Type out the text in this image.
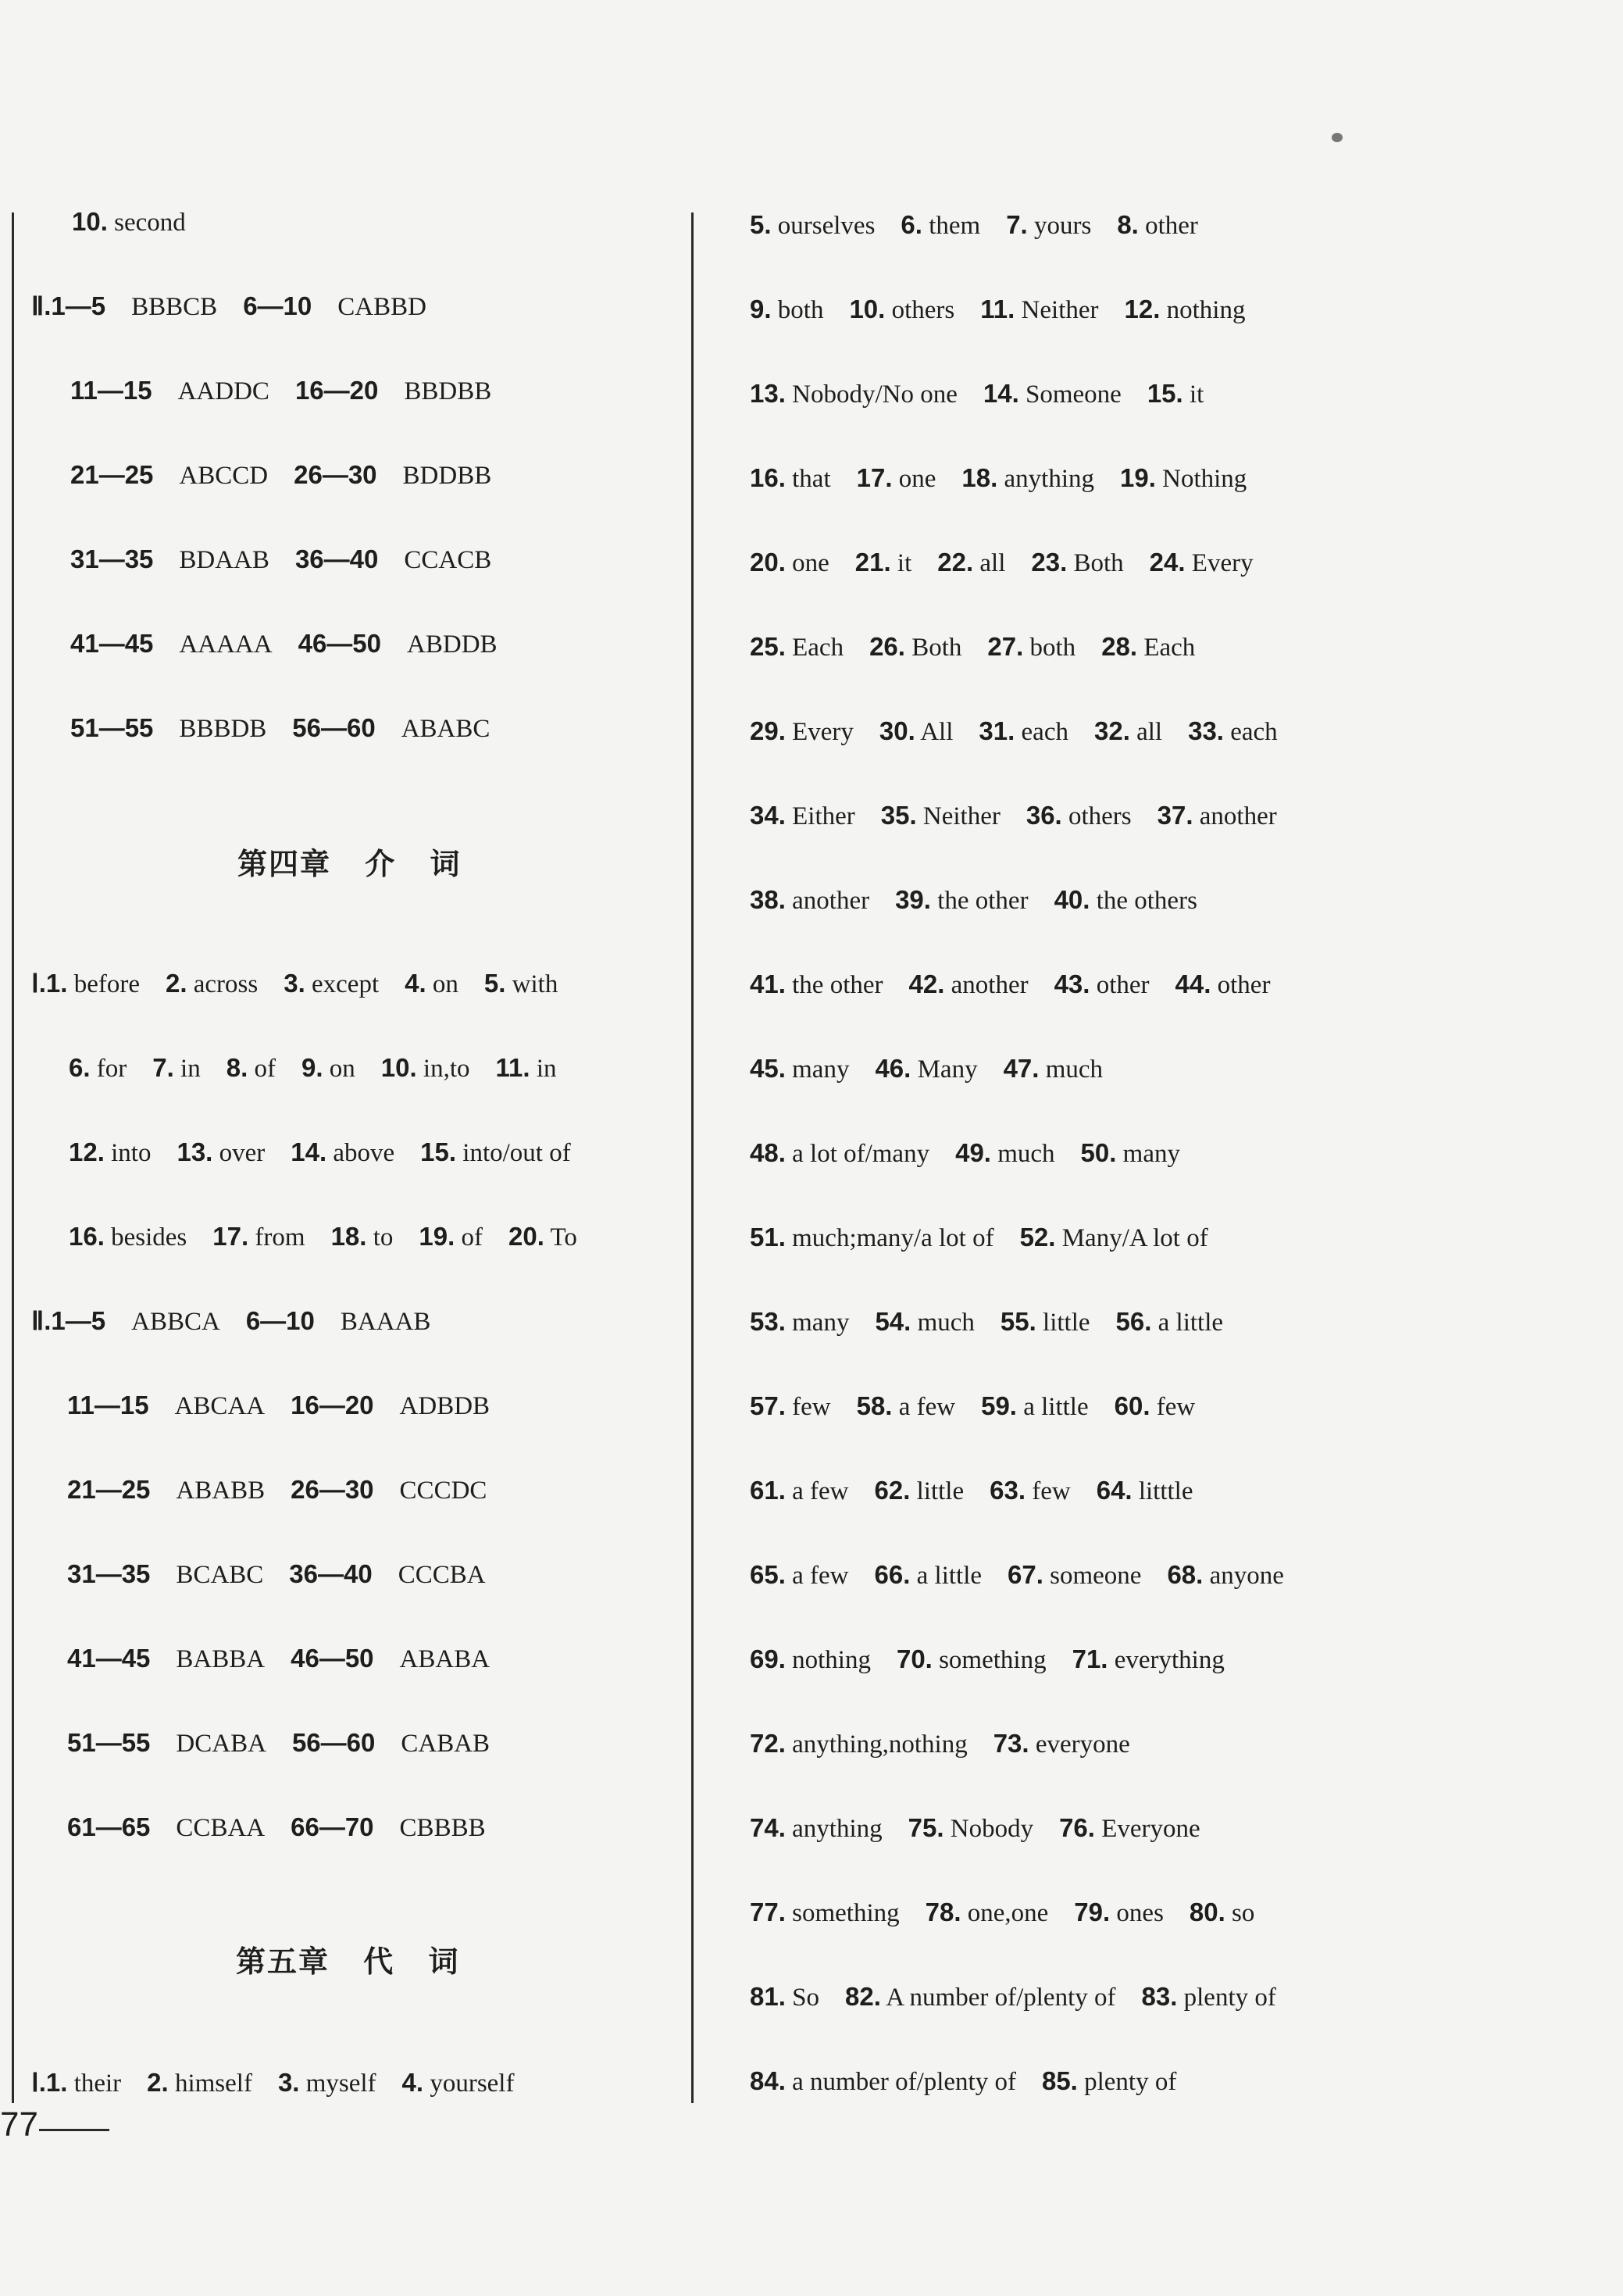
10. second
Ⅱ.1—5    BBBCB    6—10    CABBD
11—15    AADDC    16—20    BBDBB
21—25    ABCCD    26—30    BDDBB
31—35    BDAAB    36—40    CCACB
41—45    AAAAA    46—50    ABDDB
51—55    BBBDB    56—60    ABABC
第四章 介 词
Ⅰ.1. before    2. across    3. except    4. on    5. with
6. for    7. in    8. of    9. on    10. in,to    11. in
12. into    13. over    14. above    15. into/out of
16. besides    17. from    18. to    19. of    20. To
Ⅱ.1—5    ABBCA    6—10    BAAAB
11—15    ABCAA    16—20    ADBDB
21—25    ABABB    26—30    CCCDC
31—35    BCABC    36—40    CCCBA
41—45    BABBA    46—50    ABABA
51—55    DCABA    56—60    CABAB
61—65    CCBAA    66—70    CBBBB
第五章 代 词
Ⅰ.1. their    2. himself    3. myself    4. yourself
5. ourselves    6. them    7. yours    8. other
9. both    10. others    11. Neither    12. nothing
13. Nobody/No one    14. Someone    15. it
16. that    17. one    18. anything    19. Nothing
20. one    21. it    22. all    23. Both    24. Every
25. Each    26. Both    27. both    28. Each
29. Every    30. All    31. each    32. all    33. each
34. Either    35. Neither    36. others    37. another
38. another    39. the other    40. the others
41. the other    42. another    43. other    44. other
45. many    46. Many    47. much
48. a lot of/many    49. much    50. many
51. much;many/a lot of    52. Many/A lot of
53. many    54. much    55. little    56. a little
57. few    58. a few    59. a little    60. few
61. a few    62. little    63. few    64. litttle
65. a few    66. a little    67. someone    68. anyone
69. nothing    70. something    71. everything
72. anything,nothing    73. everyone
74. anything    75. Nobody    76. Everyone
77. something    78. one,one    79. ones    80. so
81. So    82. A number of/plenty of    83. plenty of
84. a number of/plenty of    85. plenty of
77
